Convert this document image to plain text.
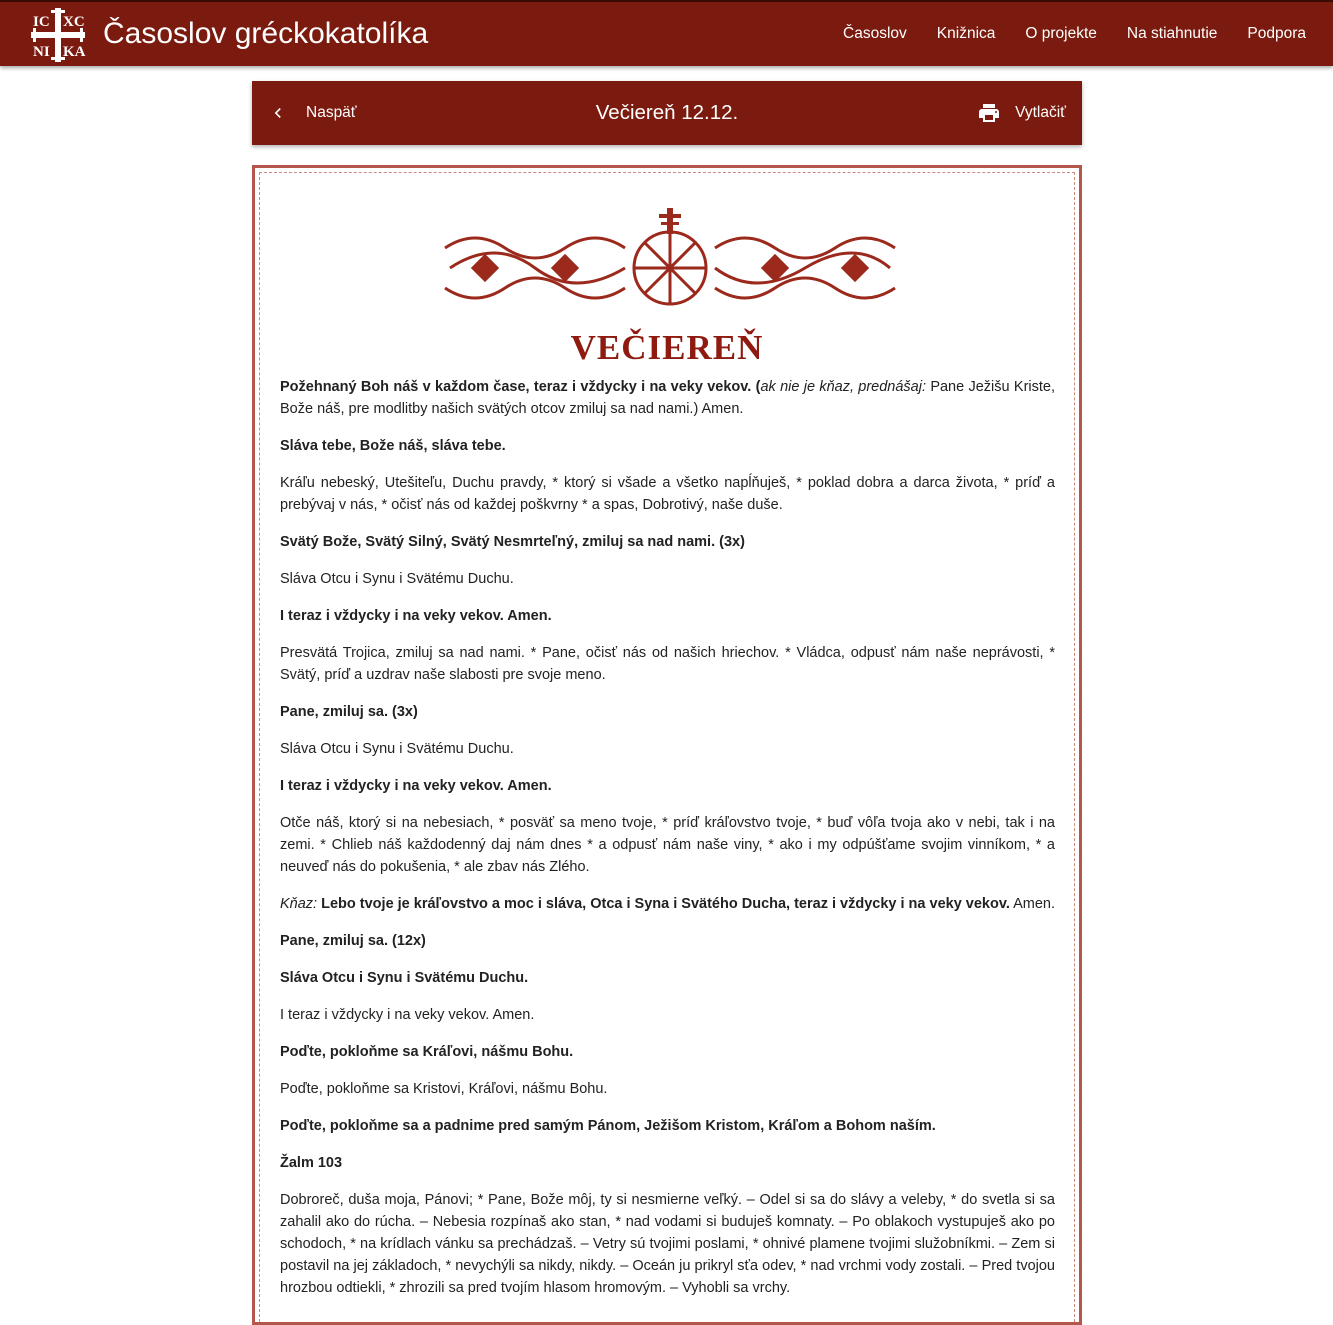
IC XC
NI KA
Časoslov gréckokatolíka	Časoslov Knižnica O projekte Na stiahnutie Podpora
Naspäť	Večiereň 12.12.	Vytlačiť
VEČIEREŇ

Požehnaný Boh náš v každom čase, teraz i vždycky i na veky vekov. (ak nie je kňaz, prednášaj: Pane Ježišu Kriste, Bože náš, pre modlitby našich svätých otcov zmiluj sa nad nami.) Amen.

Sláva tebe, Bože náš, sláva tebe.

Kráľu nebeský, Utešiteľu, Duchu pravdy, * ktorý si všade a všetko napĺňuješ, * poklad dobra a darca života, * príď a prebývaj v nás, * očisť nás od každej poškvrny * a spas, Dobrotivý, naše duše.

Svätý Bože, Svätý Silný, Svätý Nesmrteľný, zmiluj sa nad nami. (3x)

Sláva Otcu i Synu i Svätému Duchu.

I teraz i vždycky i na veky vekov. Amen.

Presvätá Trojica, zmiluj sa nad nami. * Pane, očisť nás od našich hriechov. * Vládca, odpusť nám naše neprávosti, * Svätý, príď a uzdrav naše slabosti pre svoje meno.

Pane, zmiluj sa. (3x)

Sláva Otcu i Synu i Svätému Duchu.

I teraz i vždycky i na veky vekov. Amen.

Otče náš, ktorý si na nebesiach, * posväť sa meno tvoje, * príď kráľovstvo tvoje, * buď vôľa tvoja ako v nebi, tak i na zemi. * Chlieb náš každodenný daj nám dnes * a odpusť nám naše viny, * ako i my odpúšťame svojim vinníkom, * a neuveď nás do pokušenia, * ale zbav nás Zlého.

Kňaz: Lebo tvoje je kráľovstvo a moc i sláva, Otca i Syna i Svätého Ducha, teraz i vždycky i na veky vekov. Amen.

Pane, zmiluj sa. (12x)

Sláva Otcu i Synu i Svätému Duchu.

I teraz i vždycky i na veky vekov. Amen.

Poďte, pokloňme sa Kráľovi, nášmu Bohu.

Poďte, pokloňme sa Kristovi, Kráľovi, nášmu Bohu.

Poďte, pokloňme sa a padnime pred samým Pánom, Ježišom Kristom, Kráľom a Bohom naším.

Žalm 103

Dobroreč, duša moja, Pánovi; * Pane, Bože môj, ty si nesmierne veľký. – Odel si sa do slávy a veleby, * do svetla si sa zahalil ako do rúcha. – Nebesia rozpínaš ako stan, * nad vodami si buduješ komnaty. – Po oblakoch vystupuješ ako po schodoch, * na krídlach vánku sa prechádzaš. – Vetry sú tvojimi poslami, * ohnivé plamene tvojimi služobníkmi. – Zem si postavil na jej základoch, * nevychýli sa nikdy, nikdy. – Oceán ju prikryl sťa odev, * nad vrchmi vody zostali. – Pred tvojou hrozbou odtiekli, * zhrozili sa pred tvojím hlasom hromovým. – Vyhobli sa vrchy.
